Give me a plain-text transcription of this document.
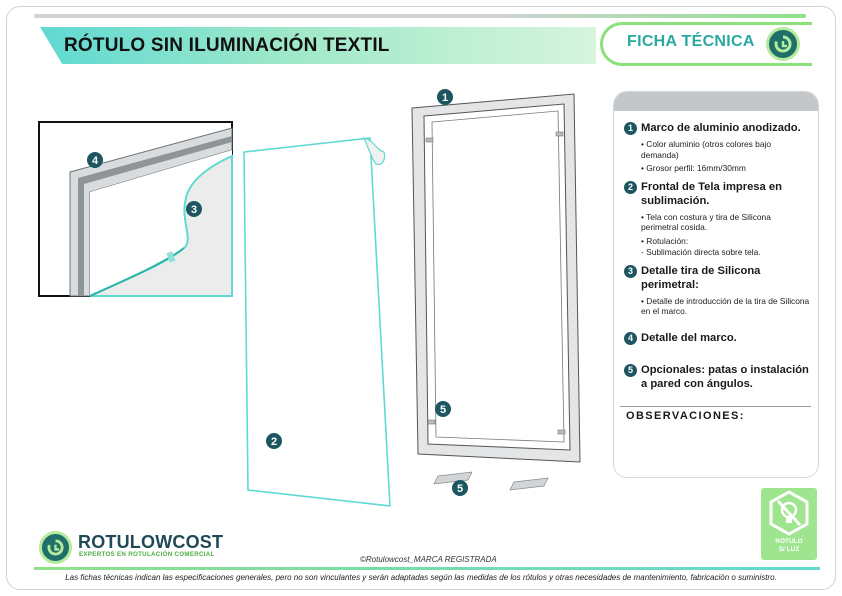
RÓTULO SIN ILUMINACIÓN TEXTIL	FICHA TÉCNICA
1
4
3
2
5
5
1 Marco de aluminio anodizado.
• Color aluminio (otros colores bajo demanda)
• Grosor perfil: 16mm/30mm
2 Frontal de Tela impresa en sublimación.
• Tela con costura y tira de Silicona perimetral cosida.
• Rotulación:
- Sublimación directa sobre tela.
3 Detalle tira de Silicona perimetral:
• Detalle de introducción de la tira de Silicona en el marco.
4 Detalle del marco.
5 Opcionales: patas o instalación a pared con ángulos.
OBSERVACIONES:
ROTULOWCOST
EXPERTOS EN ROTULACIÓN COMERCIAL
©Rotulowcost_MARCA REGISTRADA
RÓTULO
S/ LUZ
Las fichas técnicas indican las especificaciones generales, pero no son vinculantes y serán adaptadas según las medidas de los rótulos y otras necesidades de mantenimiento, fabricación o suministro.
